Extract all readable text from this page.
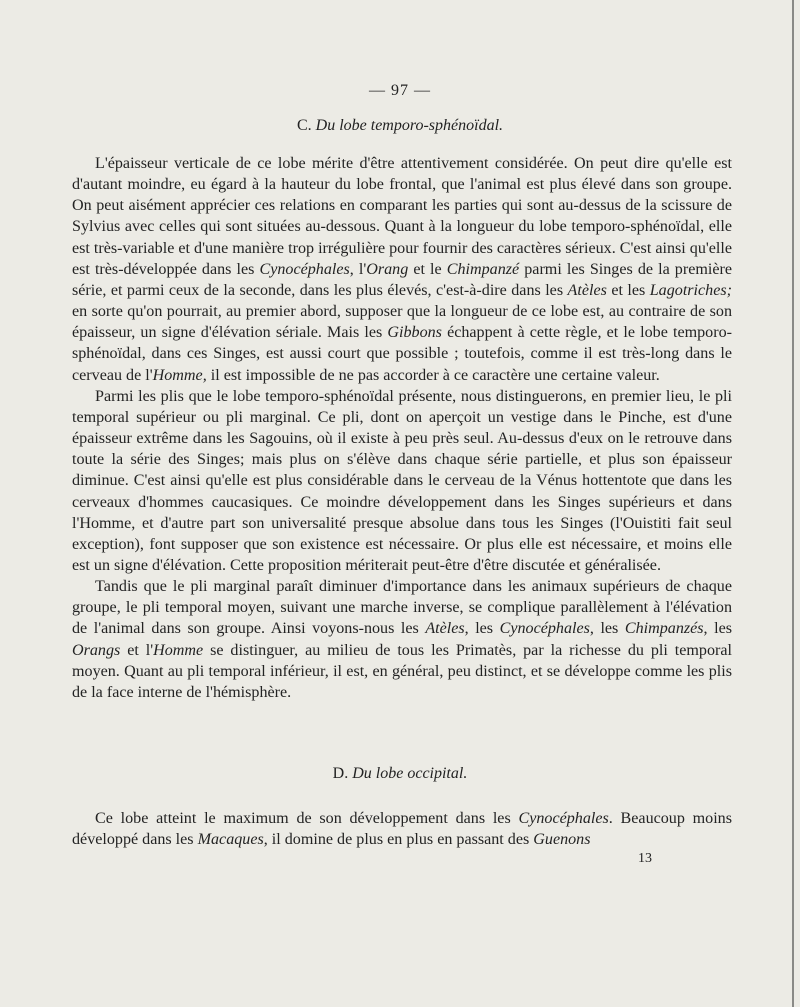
— 97 —
C. Du lobe temporo-sphénoïdal.

L'épaisseur verticale de ce lobe mérite d'être attentivement considérée. On peut dire qu'elle est d'autant moindre, eu égard à la hauteur du lobe frontal, que l'animal est plus élevé dans son groupe. On peut aisément apprécier ces relations en comparant les parties qui sont au-dessus de la scissure de Sylvius avec celles qui sont situées au-dessous. Quant à la longueur du lobe temporo-sphénoïdal, elle est très-variable et d'une manière trop irrégulière pour fournir des caractères sérieux. C'est ainsi qu'elle est très-développée dans les Cynocéphales, l'Orang et le Chimpanzé parmi les Singes de la première série, et parmi ceux de la seconde, dans les plus élevés, c'est-à-dire dans les Atèles et les Lagotriches; en sorte qu'on pourrait, au premier abord, supposer que la longueur de ce lobe est, au contraire de son épaisseur, un signe d'élévation sériale. Mais les Gibbons échappent à cette règle, et le lobe temporo-sphénoïdal, dans ces Singes, est aussi court que possible ; toutefois, comme il est très-long dans le cerveau de l'Homme, il est impossible de ne pas accorder à ce caractère une certaine valeur.

Parmi les plis que le lobe temporo-sphénoïdal présente, nous distinguerons, en premier lieu, le pli temporal supérieur ou pli marginal. Ce pli, dont on aperçoit un vestige dans le Pinche, est d'une épaisseur extrême dans les Sagouins, où il existe à peu près seul. Au-dessus d'eux on le retrouve dans toute la série des Singes; mais plus on s'élève dans chaque série partielle, et plus son épaisseur diminue. C'est ainsi qu'elle est plus considérable dans le cerveau de la Vénus hottentote que dans les cerveaux d'hommes caucasiques. Ce moindre développement dans les Singes supérieurs et dans l'Homme, et d'autre part son universalité presque absolue dans tous les Singes (l'Ouistiti fait seul exception), font supposer que son existence est nécessaire. Or plus elle est nécessaire, et moins elle est un signe d'élévation. Cette proposition mériterait peut-être d'être discutée et généralisée.

Tandis que le pli marginal paraît diminuer d'importance dans les animaux supérieurs de chaque groupe, le pli temporal moyen, suivant une marche inverse, se complique parallèlement à l'élévation de l'animal dans son groupe. Ainsi voyons-nous les Atèles, les Cynocéphales, les Chimpanzés, les Orangs et l'Homme se distinguer, au milieu de tous les Primatès, par la richesse du pli temporal moyen. Quant au pli temporal inférieur, il est, en général, peu distinct, et se développe comme les plis de la face interne de l'hémisphère.

D. Du lobe occipital.

Ce lobe atteint le maximum de son développement dans les Cynocéphales. Beaucoup moins développé dans les Macaques, il domine de plus en plus en passant des Guenons

13
